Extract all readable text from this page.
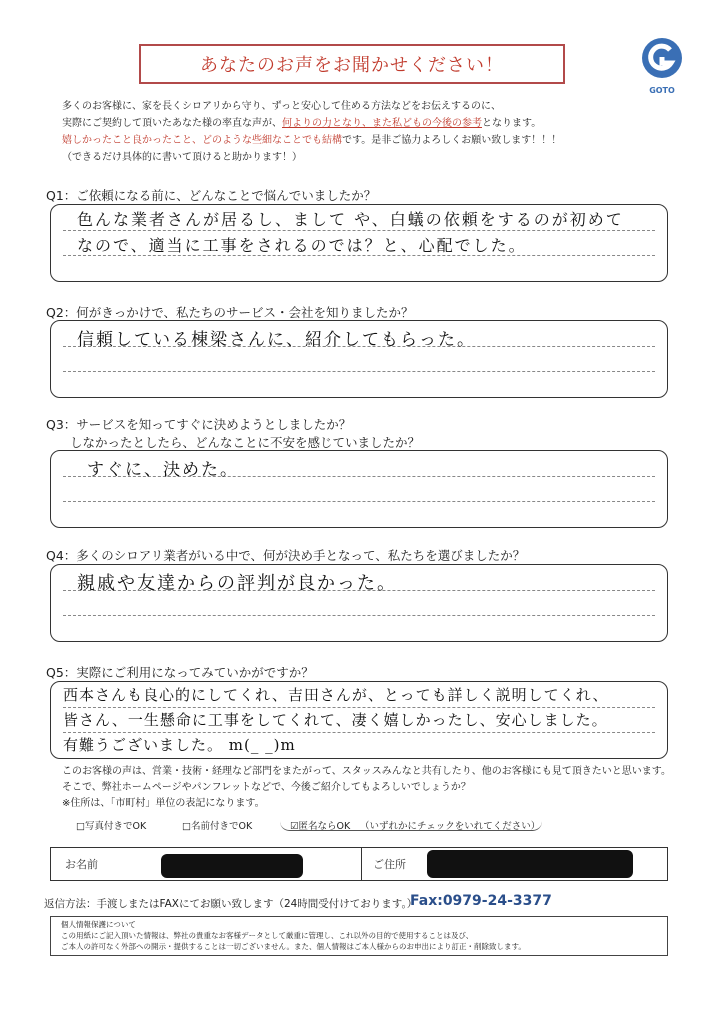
あなたのお声をお聞かせください！
GOTO
多くのお客様に、家を長くシロアリから守り、ずっと安心して住める方法などをお伝えするのに、
実際にご契約して頂いたあなた様の率直な声が、何よりの力となり、また私どもの今後の参考となります。
嬉しかったこと良かったこと、どのような些細なことでも結構です。是非ご協力よろしくお願い致します！！！
（できるだけ具体的に書いて頂けると助かります！）
Q1：ご依頼になる前に、どんなことで悩んでいましたか？
色んな業者さんが居るし、まして や、白蟻の依頼をするのが初めて
なので、適当に工事をされるのでは？と、心配でした。
Q2：何がきっかけで、私たちのサービス・会社を知りましたか？
信頼している棟梁さんに、紹介してもらった。
Q3：サービスを知ってすぐに決めようとしましたか？
しなかったとしたら、どんなことに不安を感じていましたか？
すぐに、決めた。
Q4：多くのシロアリ業者がいる中で、何が決め手となって、私たちを選びましたか？
親戚や友達からの評判が良かった。
Q5：実際にご利用になってみていかがですか？
西本さんも良心的にしてくれ、吉田さんが、とっても詳しく説明してくれ、
皆さん、一生懸命に工事をしてくれて、凄く嬉しかったし、安心しました。
有難うございました。 m(_ _)m
このお客様の声は、営業・技術・経理など部門をまたがって、スタッスみんなと共有したり、他のお客様にも見て頂きたいと思います。
そこで、弊社ホームページやパンフレットなどで、今後ご紹介してもよろしいでしょうか？
※住所は、「市町村」単位の表記になります。
□写真付きでOK	□名前付きでOK	☑匿名ならOK （いずれかにチェックをいれてください）
お名前	ご住所
返信方法：手渡しまたはFAXにてお願い致します（24時間受付けております。）
Fax:0979-24-3377
個人情報保護について
この用紙にご記入頂いた情報は、弊社の貴重なお客様データとして厳重に管理し、これ以外の目的で使用することは及び、
ご本人の許可なく外部への開示・提供することは一切ございません。また、個人情報はご本人様からのお申出により訂正・削除致します。
